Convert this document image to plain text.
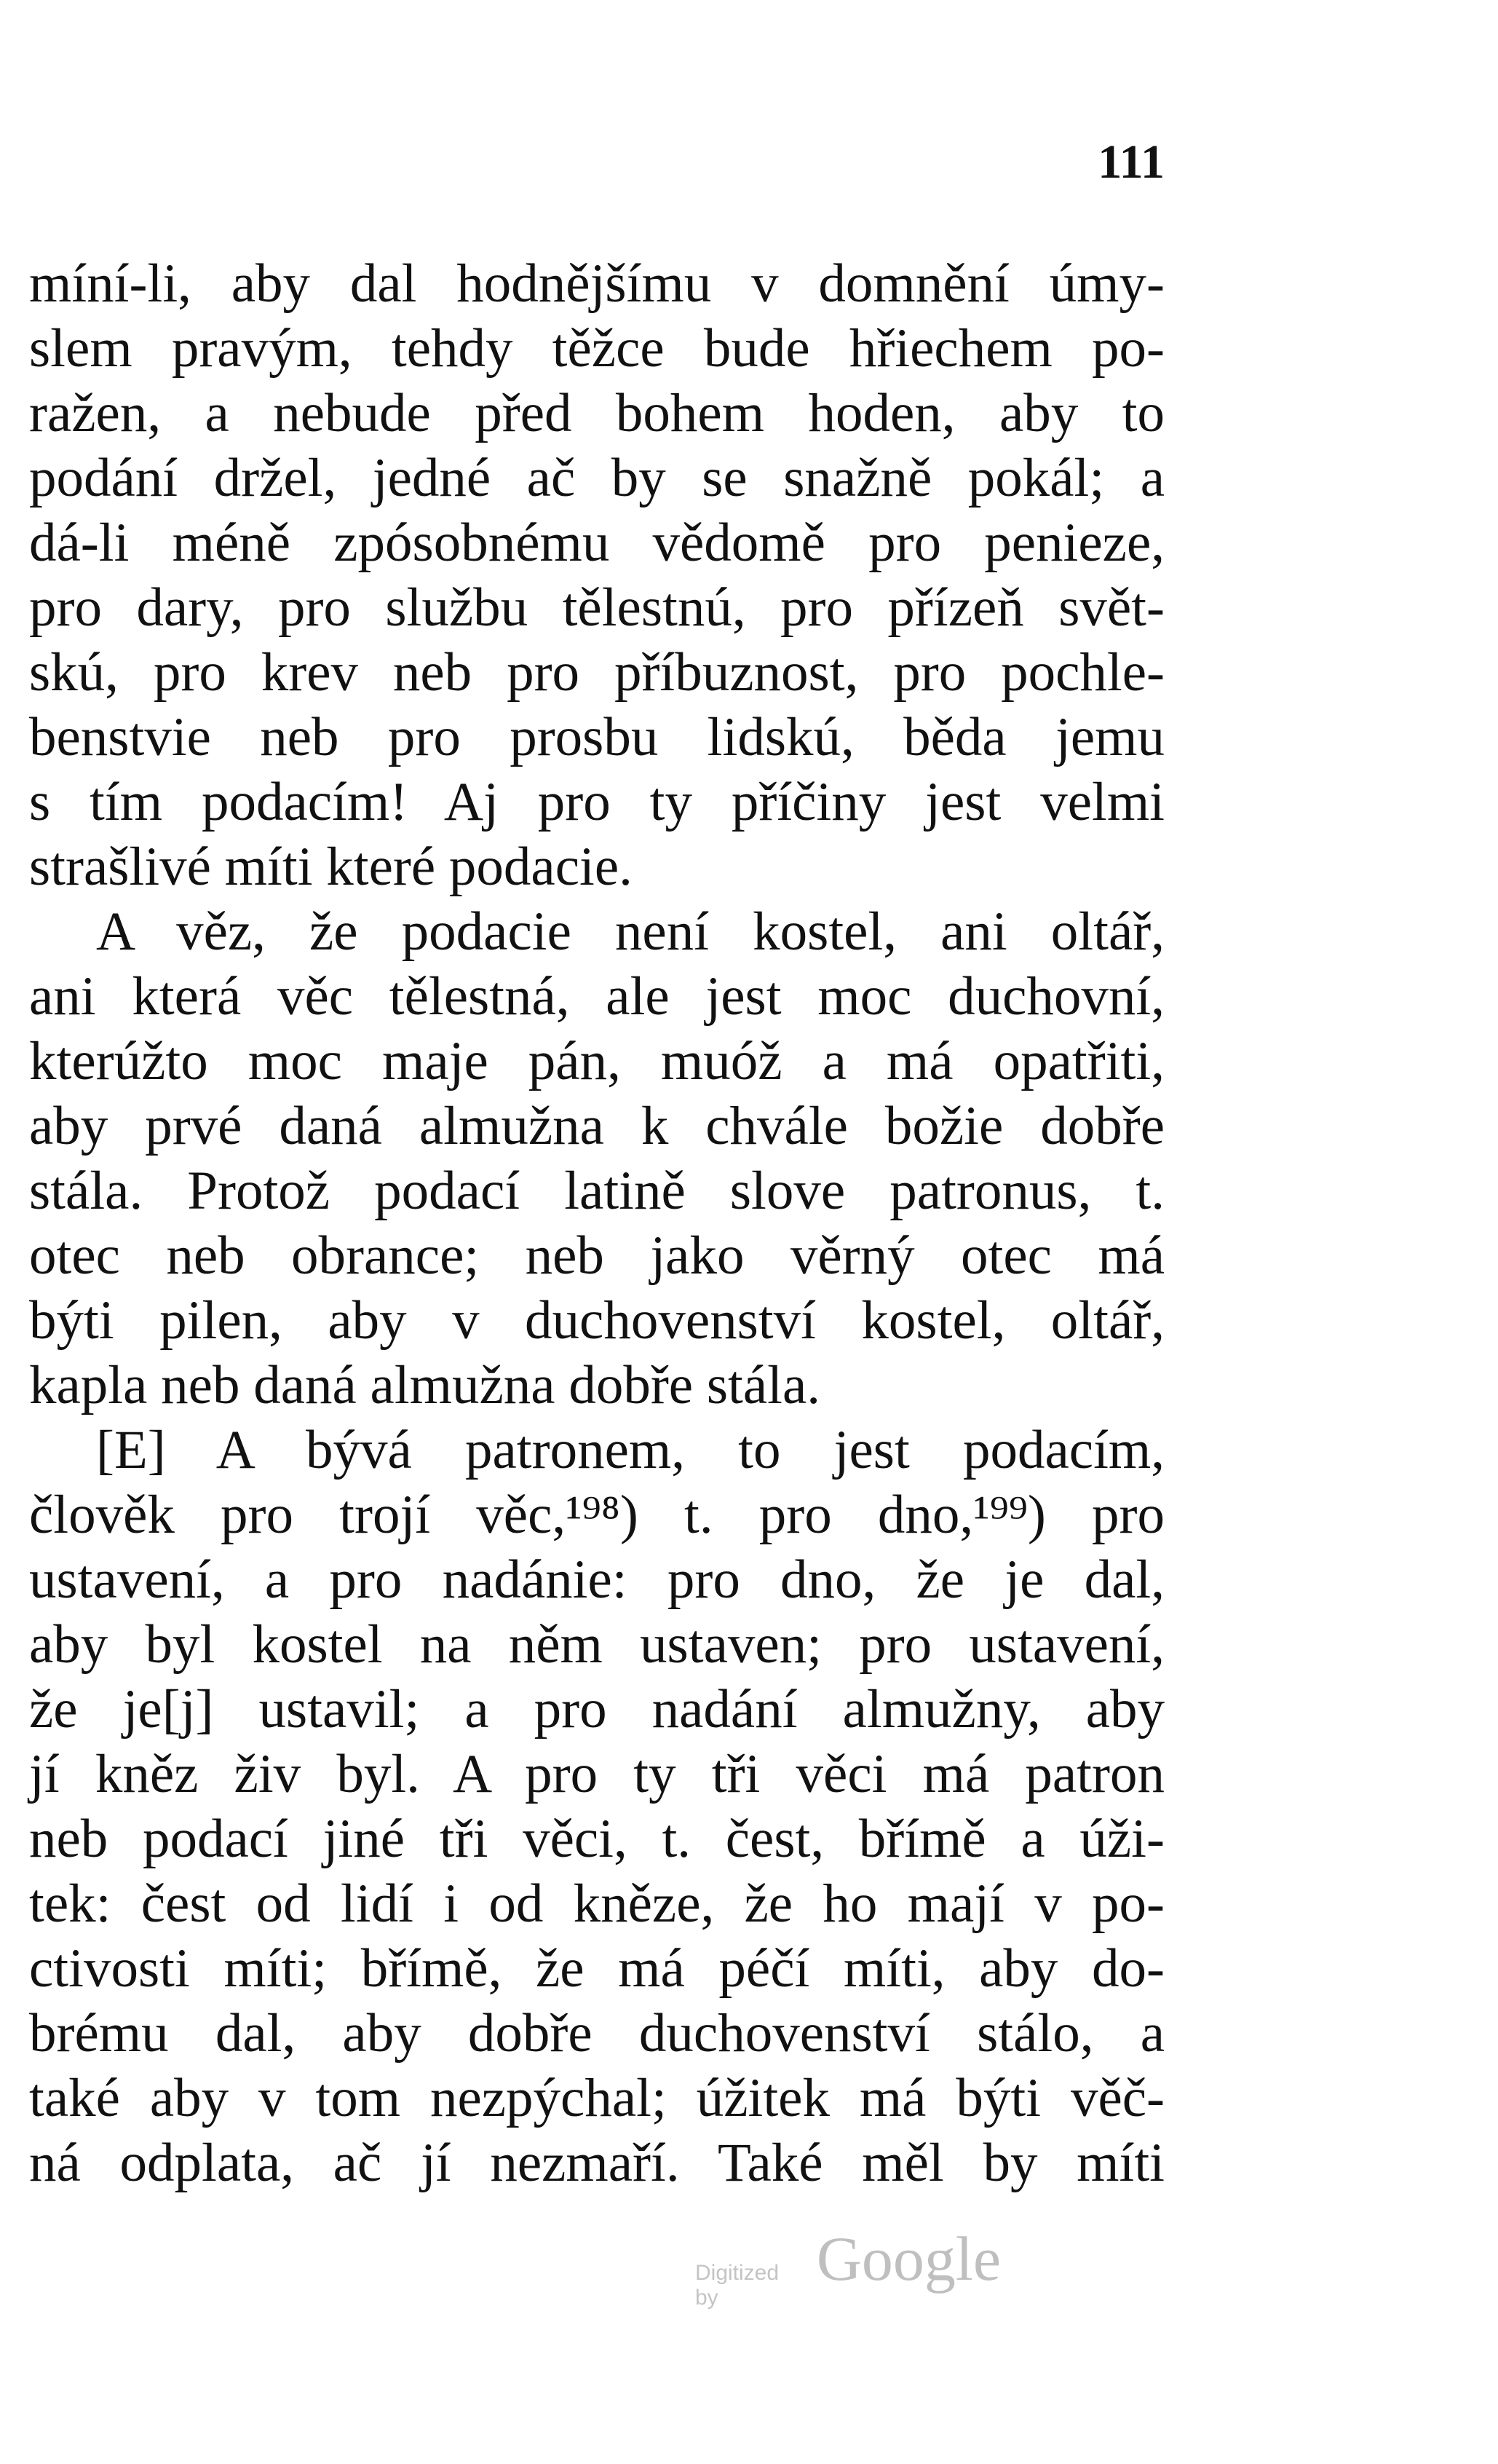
111
míní-li, aby dal hodnějšímu v domnění úmy-
slem pravým, tehdy těžce bude hřiechem po-
ražen, a nebude před bohem hoden, aby to
podání držel, jedné ač by se snažně pokál; a
dá-li méně zpósobnému vědomě pro penieze,
pro dary, pro službu tělestnú, pro přízeň svět-
skú, pro krev neb pro příbuznost, pro pochle-
benstvie neb pro prosbu lidskú, běda jemu
s tím podacím! Aj pro ty příčiny jest velmi
strašlivé míti které podacie.
A věz, že podacie není kostel, ani oltář,
ani která věc tělestná, ale jest moc duchovní,
kterúžto moc maje pán, muóž a má opatřiti,
aby prvé daná almužna k chvále božie dobře
stála. Protož podací latině slove patronus, t.
otec neb obrance; neb jako věrný otec má
býti pilen, aby v duchovenství kostel, oltář,
kapla neb daná almužna dobře stála.
[E] A bývá patronem, to jest podacím,
člověk pro trojí věc,¹⁹⁸) t. pro dno,¹⁹⁹) pro
ustavení, a pro nadánie: pro dno, že je dal,
aby byl kostel na něm ustaven; pro ustavení,
že je[j] ustavil; a pro nadání almužny, aby
jí kněz živ byl. A pro ty tři věci má patron
neb podací jiné tři věci, t. čest, břímě a úži-
tek: čest od lidí i od kněze, že ho mají v po-
ctivosti míti; břímě, že má péčí míti, aby do-
brému dal, aby dobře duchovenství stálo, a
také aby v tom nezpýchal; úžitek má býti věč-
ná odplata, ač jí nezmaří. Také měl by míti
Digitized by
Google
